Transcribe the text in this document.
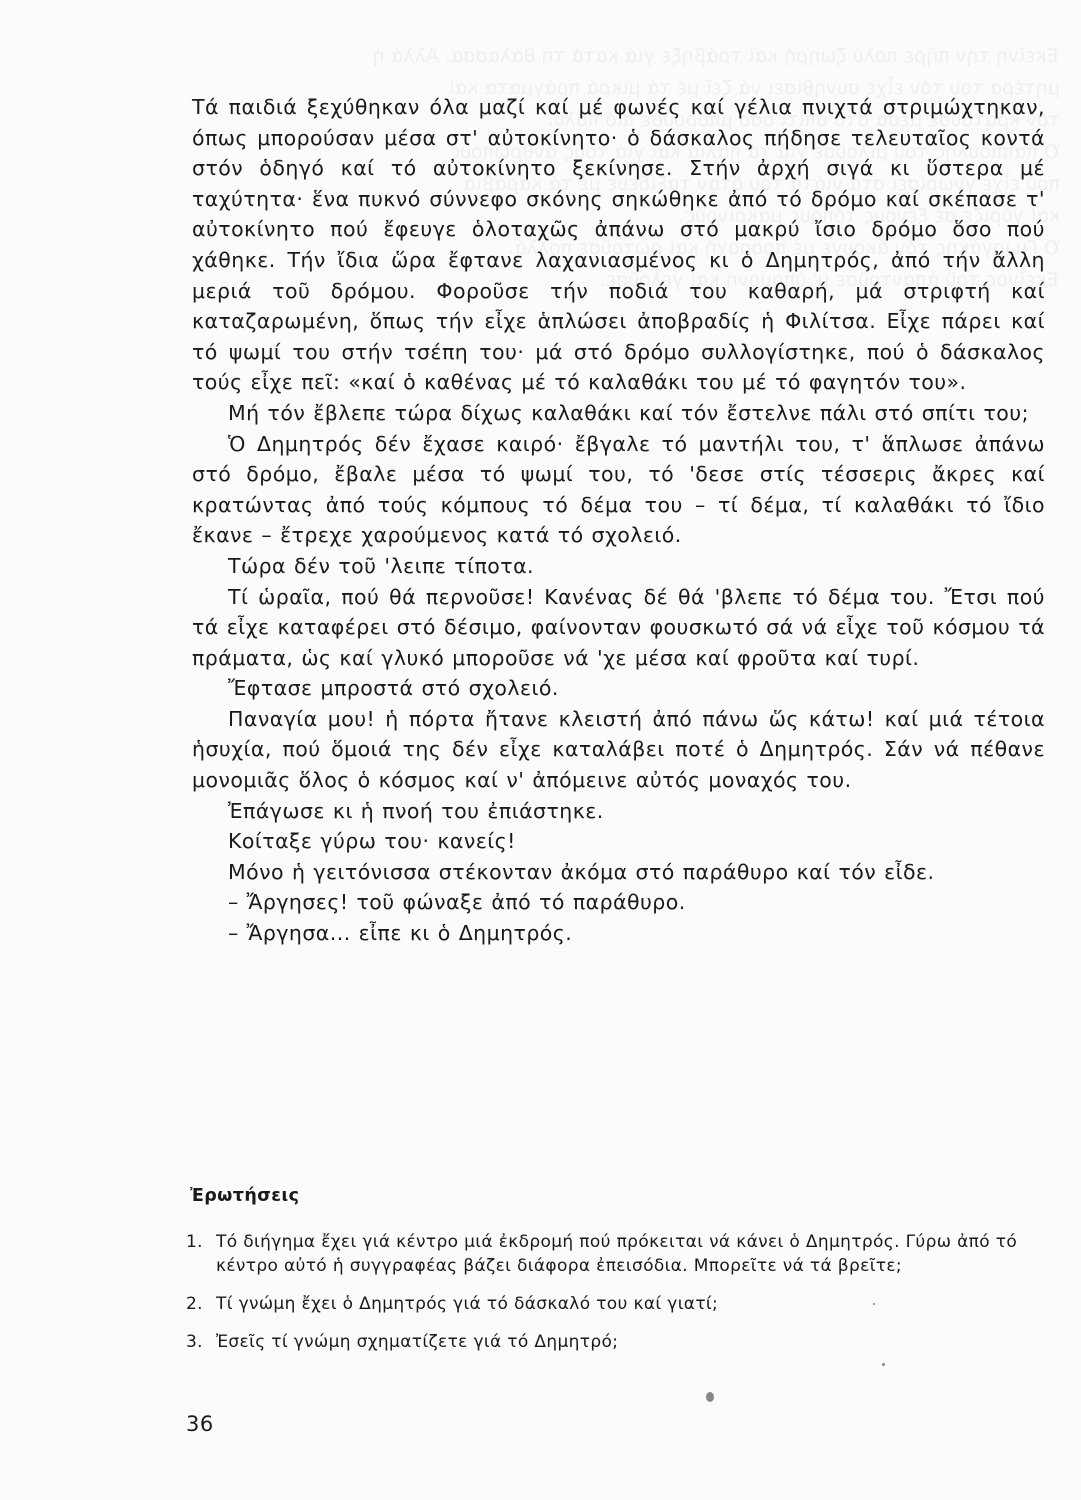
Τά παιδιά ξεχύθηκαν όλα μαζί καί μέ φωνές καί γέλια πνιχτά στριμώχτηκαν, όπως μπορούσαν μέσα στ' αὐτοκίνητο· ὁ δάσκαλος πήδησε τελευταῖος κοντά στόν ὁδηγό καί τό αὐτοκίνητο ξεκίνησε. Στήν ἀρχή σιγά κι ὕστερα μέ ταχύτητα· ἕνα πυκνό σύννεφο σκόνης σηκώθηκε ἀπό τό δρόμο καί σκέπασε τ' αὐτοκίνητο πού ἔφευγε ὁλοταχῶς ἀπάνω στό μακρύ ἴσιο δρόμο ὅσο πού χάθηκε. Τήν ἴδια ὥρα ἔφτανε λαχανιασμένος κι ὁ Δημητρός, ἀπό τήν ἄλλη μεριά τοῦ δρόμου. Φοροῦσε τήν ποδιά του καθαρή, μά στριφτή καί καταζαρωμένη, ὅπως τήν εἶχε ἁπλώσει ἀποβραδίς ἡ Φιλίτσα. Εἶχε πάρει καί τό ψωμί του στήν τσέπη του· μά στό δρόμο συλλογίστηκε, πού ὁ δάσκαλος τούς εἶχε πεῖ: «καί ὁ καθένας μέ τό καλαθάκι του μέ τό φαγητόν του».

Μή τόν ἔβλεπε τώρα δίχως καλαθάκι καί τόν ἔστελνε πάλι στό σπίτι του;

Ὁ Δημητρός δέν ἔχασε καιρό· ἔβγαλε τό μαντήλι του, τ' ἅπλωσε ἀπάνω στό δρόμο, ἔβαλε μέσα τό ψωμί του, τό 'δεσε στίς τέσσερις ἄκρες καί κρατώντας ἀπό τούς κόμπους τό δέμα του – τί δέμα, τί καλαθάκι τό ἴδιο ἔκανε – ἔτρεχε χαρούμενος κατά τό σχολειό.

Τώρα δέν τοῦ 'λειπε τίποτα.

Τί ὡραῖα, πού θά περνοῦσε! Κανένας δέ θά 'βλεπε τό δέμα του. Ἔτσι πού τά εἶχε καταφέρει στό δέσιμο, φαίνονταν φουσκωτό σά νά εἶχε τοῦ κόσμου τά πράματα, ὡς καί γλυκό μποροῦσε νά 'χε μέσα καί φροῦτα καί τυρί.

Ἔφτασε μπροστά στό σχολειό.

Παναγία μου! ἡ πόρτα ἤτανε κλειστή ἀπό πάνω ὥς κάτω! καί μιά τέτοια ἡσυχία, πού ὅμοιά της δέν εἶχε καταλάβει ποτέ ὁ Δημητρός. Σάν νά πέθανε μονομιᾶς ὅλος ὁ κόσμος καί ν' ἀπόμεινε αὐτός μοναχός του.

Ἐπάγωσε κι ἡ πνοή του ἐπιάστηκε.

Κοίταξε γύρω του· κανείς!

Μόνο ἡ γειτόνισσα στέκονταν ἀκόμα στό παράθυρο καί τόν εἶδε.

– Ἄργησες! τοῦ φώναξε ἀπό τό παράθυρο.

– Ἄργησα... εἶπε κι ὁ Δημητρός.

Ἐρωτήσεις
1. Τό διήγημα ἔχει γιά κέντρο μιά ἐκδρομή πού πρόκειται νά κάνει ὁ Δημητρός. Γύρω ἀπό τό κέντρο αὐτό ἡ συγγραφέας βάζει διάφορα ἐπεισόδια. Μπορεῖτε νά τά βρεῖτε;
2. Τί γνώμη ἔχει ὁ Δημητρός γιά τό δάσκαλό του καί γιατί;
3. Ἐσεῖς τί γνώμη σχηματίζετε γιά τό Δημητρό;
36
